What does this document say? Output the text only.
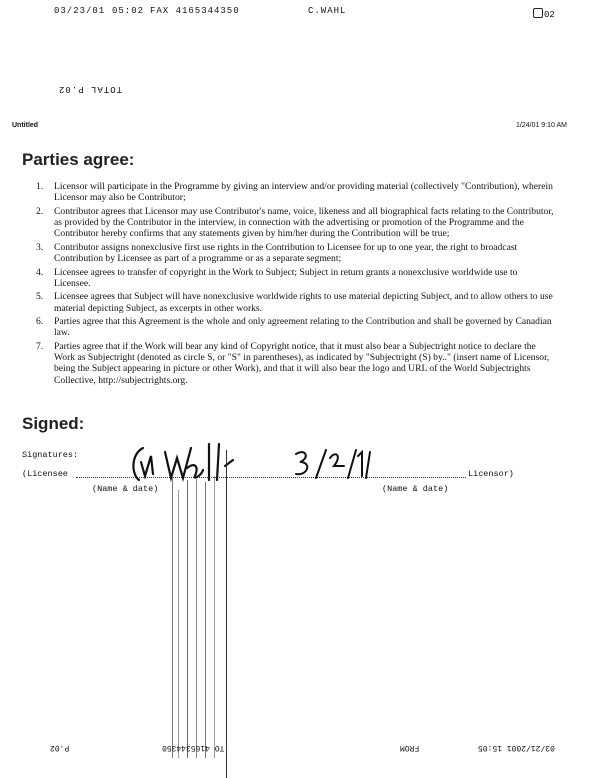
03/23/01 05:02 FAX 4165344350	C.WAHL	02
TOTAL P.02
Untitled	1/24/01 9:10 AM
Parties agree:
1. Licensor will participate in the Programme by giving an interview and/or providing material (collectively "Contribution), wherein Licensor may also be Contributor;
2. Contributor agrees that Licensor may use Contributor's name, voice, likeness and all biographical facts relating to the Contributor, as provided by the Contributor in the interview, in connection with the advertising or promotion of the Programme and the Contributor hereby confirms that any statements given by him/her during the Contribution will be true;
3. Contributor assigns nonexclusive first use rights in the Contribution to Licensee for up to one year, the right to broadcast Contribution by Licensee as part of a programme or as a separate segment;
4. Licensee agrees to transfer of copyright in the Work to Subject; Subject in return grants a nonexclusive worldwide use to Licensee.
5. Licensee agrees that Subject will have nonexclusive worldwide rights to use material depicting Subject, and to allow others to use material depicting Subject, as excerpts in other works.
6. Parties agree that this Agreement is the whole and only agreement relating to the Contribution and shall be governed by Canadian law.
7. Parties agree that if the Work will bear any kind of Copyright notice, that it must also bear a Subjectright notice to declare the Work as Subjectright (denoted as circle S, or "S" in parentheses), as indicated by "Subjectright (S) by.." (insert name of Licensor, being the Subject appearing in picture or other Work), and that it will also bear the logo and URL of the World Subjectrights Collective, http://subjectrights.org.
Signed:
Signatures:
(Licensee	Licensor)
(Name & date)	(Name & date)
P.02	TO 4165344350	FROM	03/21/2001 15:05
